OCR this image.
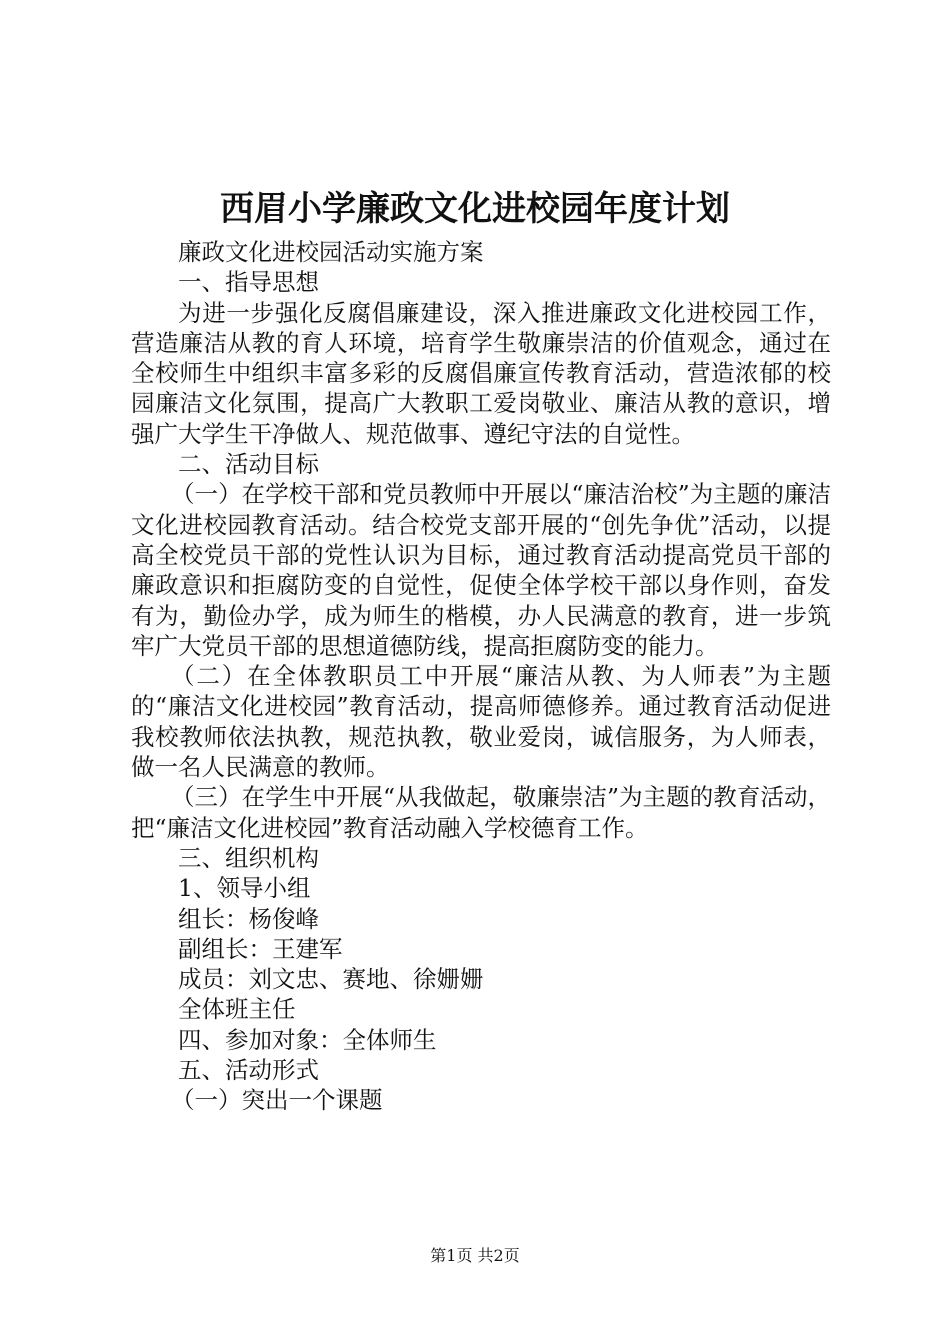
西眉小学廉政文化进校园年度计划

廉政文化进校园活动实施方案

一、指导思想

为进一步强化反腐倡廉建设，深入推进廉政文化进校园工作，营造廉洁从教的育人环境，培育学生敬廉崇洁的价值观念，通过在全校师生中组织丰富多彩的反腐倡廉宣传教育活动，营造浓郁的校园廉洁文化氛围，提高广大教职工爱岗敬业、廉洁从教的意识，增强广大学生干净做人、规范做事、遵纪守法的自觉性。

二、活动目标

（一）在学校干部和党员教师中开展以“廉洁治校”为主题的廉洁文化进校园教育活动。结合校党支部开展的“创先争优”活动，以提高全校党员干部的党性认识为目标，通过教育活动提高党员干部的廉政意识和拒腐防变的自觉性，促使全体学校干部以身作则，奋发有为，勤俭办学，成为师生的楷模，办人民满意的教育，进一步筑牢广大党员干部的思想道德防线，提高拒腐防变的能力。

（二）在全体教职员工中开展“廉洁从教、为人师表”为主题的“廉洁文化进校园”教育活动，提高师德修养。通过教育活动促进我校教师依法执教，规范执教，敬业爱岗，诚信服务，为人师表，做一名人民满意的教师。

（三）在学生中开展“从我做起，敬廉崇洁”为主题的教育活动，把“廉洁文化进校园”教育活动融入学校德育工作。

三、组织机构

1、领导小组

组长：杨俊峰

副组长：王建军

成员：刘文忠、赛地、徐姗姗

全体班主任

四、参加对象：全体师生

五、活动形式

（一）突出一个课题

第1页 共2页
